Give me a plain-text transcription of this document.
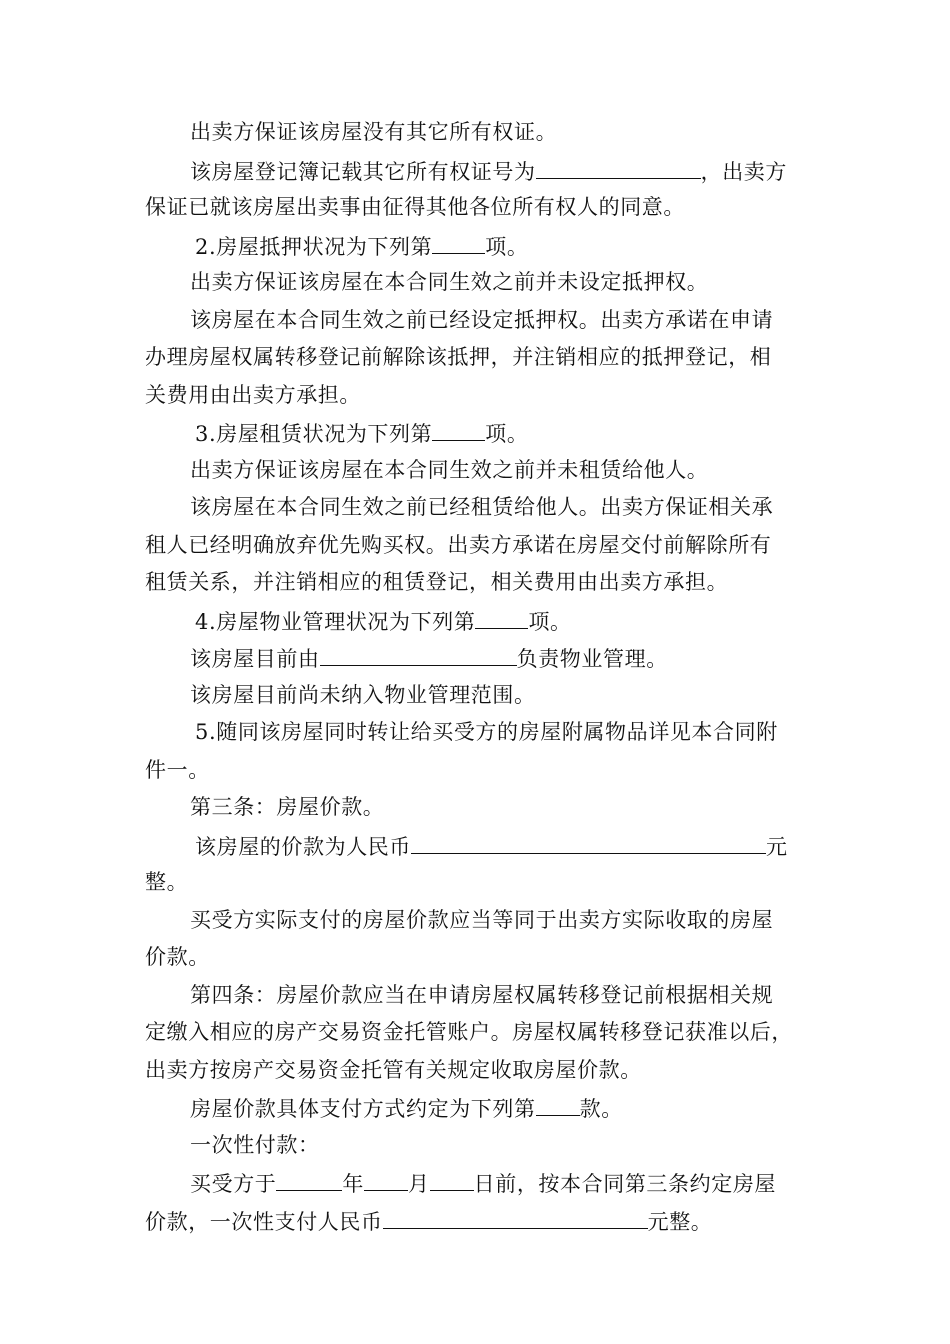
出卖方保证该房屋没有其它所有权证。
该房屋登记簿记载其它所有权证号为	，出卖方
保证已就该房屋出卖事由征得其他各位所有权人的同意。
2.房屋抵押状况为下列第	项。
出卖方保证该房屋在本合同生效之前并未设定抵押权。
该房屋在本合同生效之前已经设定抵押权。出卖方承诺在申请
办理房屋权属转移登记前解除该抵押，并注销相应的抵押登记，相
关费用由出卖方承担。
3.房屋租赁状况为下列第	项。
出卖方保证该房屋在本合同生效之前并未租赁给他人。
该房屋在本合同生效之前已经租赁给他人。出卖方保证相关承
租人已经明确放弃优先购买权。出卖方承诺在房屋交付前解除所有
租赁关系，并注销相应的租赁登记，相关费用由出卖方承担。
4.房屋物业管理状况为下列第	项。
该房屋目前由	负责物业管理。
该房屋目前尚未纳入物业管理范围。
5.随同该房屋同时转让给买受方的房屋附属物品详见本合同附
件一。
第三条：房屋价款。
该房屋的价款为人民币	元
整。
买受方实际支付的房屋价款应当等同于出卖方实际收取的房屋
价款。
第四条：房屋价款应当在申请房屋权属转移登记前根据相关规
定缴入相应的房产交易资金托管账户。房屋权属转移登记获准以后，
出卖方按房产交易资金托管有关规定收取房屋价款。
房屋价款具体支付方式约定为下列第 款。
一次性付款：
买受方于	年 月 日前，按本合同第三条约定房屋
价款，一次性支付人民币	元整。
